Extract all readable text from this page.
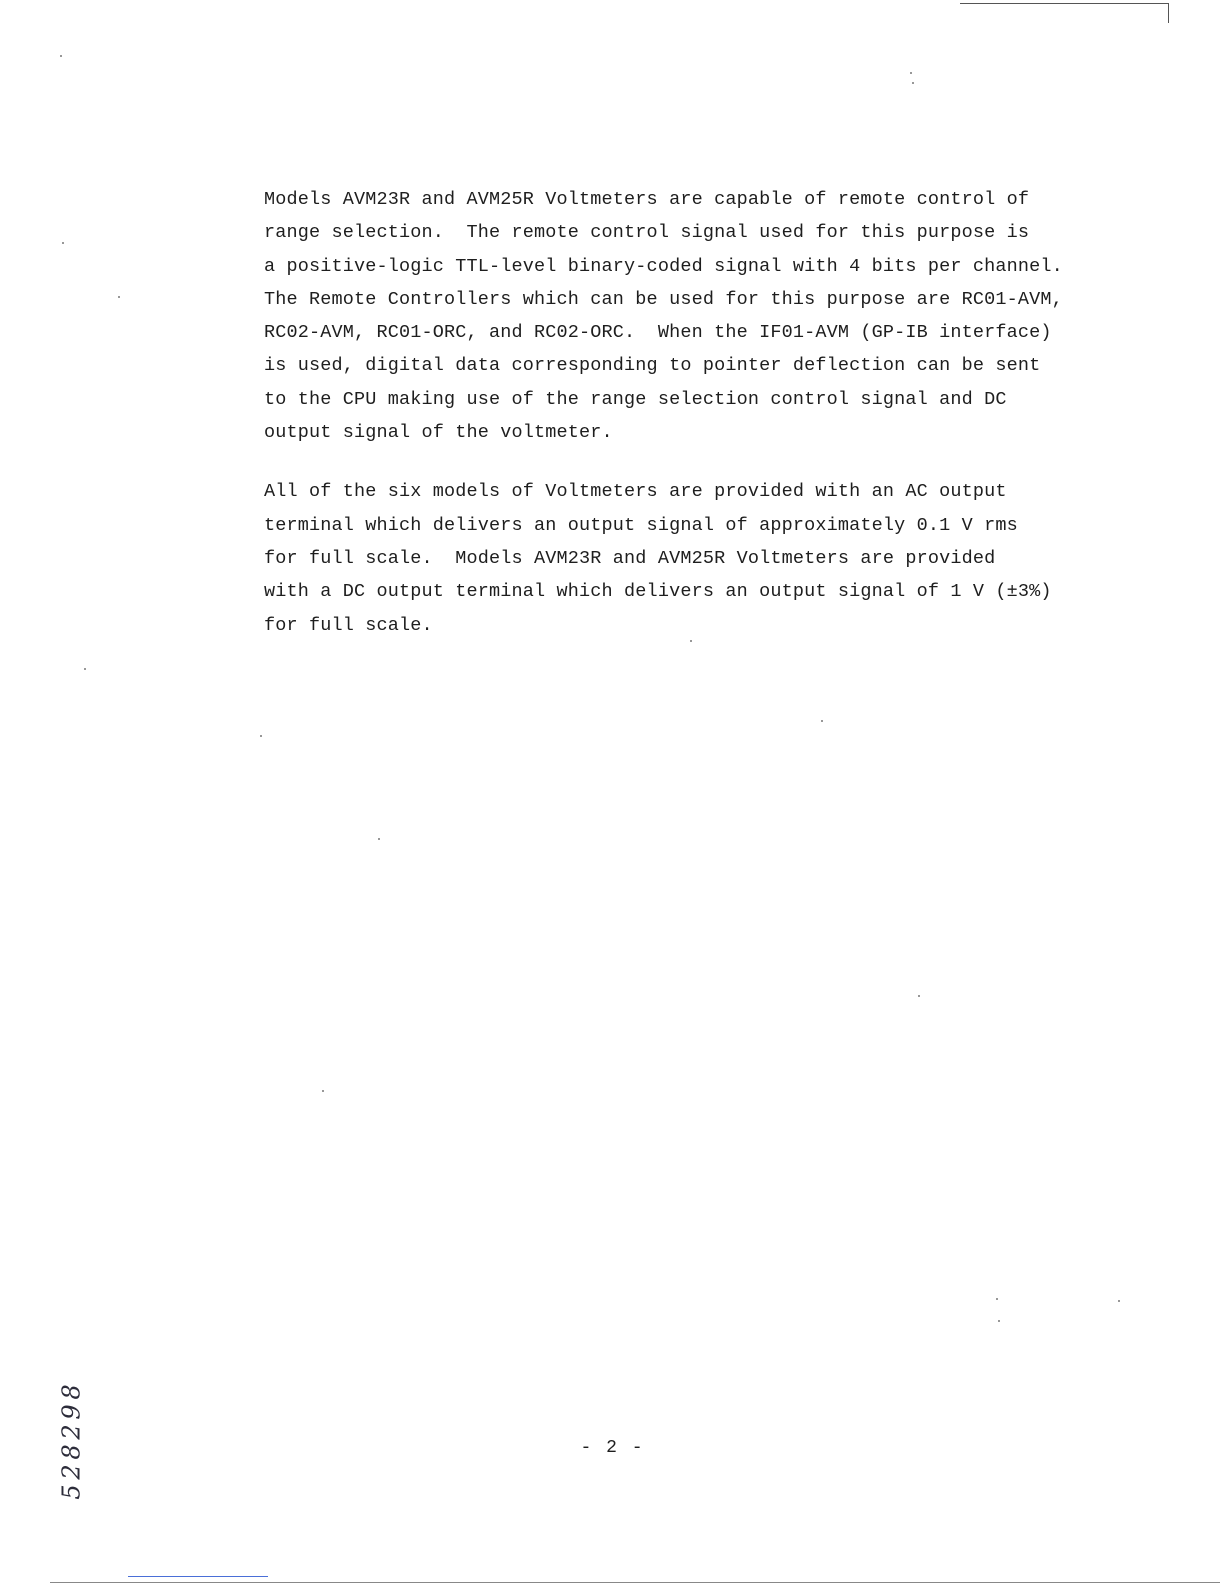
Models AVM23R and AVM25R Voltmeters are capable of remote control of
range selection.  The remote control signal used for this purpose is
a positive-logic TTL-level binary-coded signal with 4 bits per channel.
The Remote Controllers which can be used for this purpose are RC01-AVM,
RC02-AVM, RC01-ORC, and RC02-ORC.  When the IF01-AVM (GP-IB interface)
is used, digital data corresponding to pointer deflection can be sent
to the CPU making use of the range selection control signal and DC
output signal of the voltmeter.

All of the six models of Voltmeters are provided with an AC output
terminal which delivers an output signal of approximately 0.1 V rms
for full scale.  Models AVM23R and AVM25R Voltmeters are provided
with a DC output terminal which delivers an output signal of 1 V (±3%)
for full scale.

- 2 -
8
9
2
8
2
5
